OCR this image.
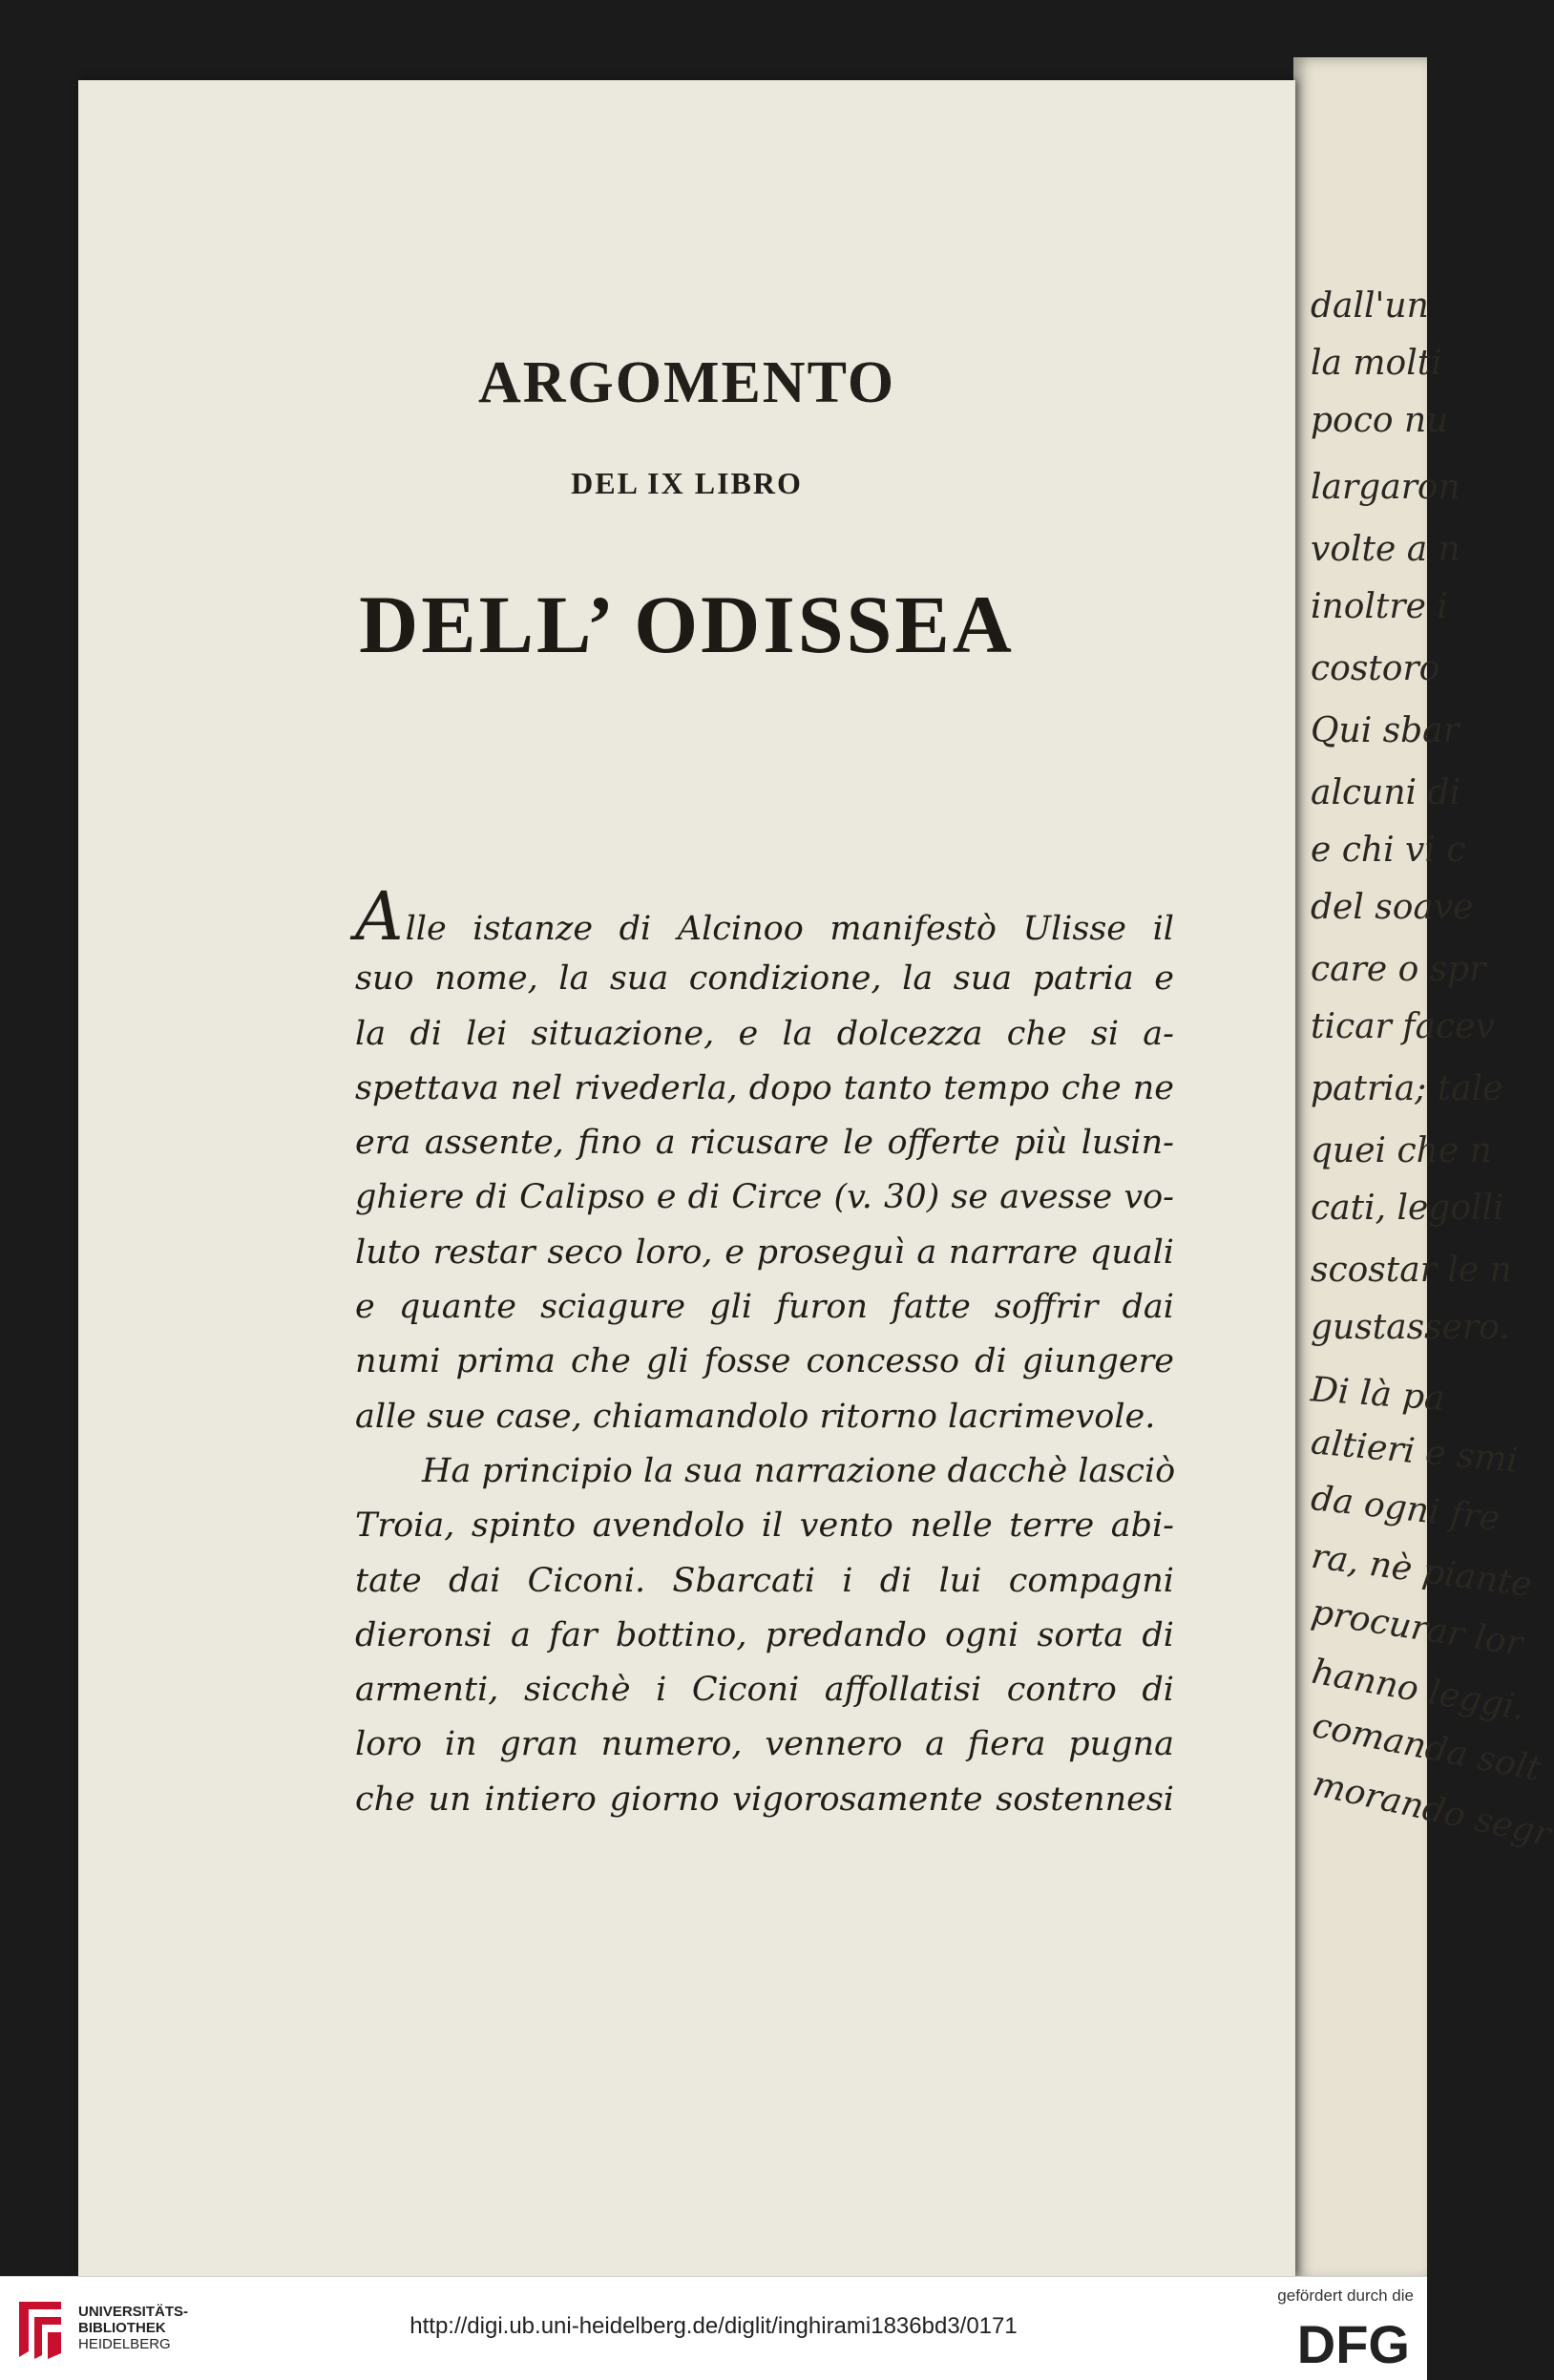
dall'un
la molti
poco nu
largaron
volte a n
inoltre i
costoro
Qui sbar
alcuni di
e chi vi c
del soave
care o spr
ticar facev
patria; tale
quei che n
cati, legolli
scostar le n
gustassero.
Di là pa
altieri e smi
da ogni fre
ra, nè piante
procurar lor
hanno leggi.
comanda solt
morando segr
ARGOMENTO
DEL IX LIBRO
DELL’ ODISSEA
Alle istanze di Alcinoo manifestò Ulisse il
suo nome, la sua condizione, la sua patria e
la di lei situazione, e la dolcezza che si a-
spettava nel rivederla, dopo tanto tempo che ne
era assente, fino a ricusare le offerte più lusin-
ghiere di Calipso e di Circe (v. 30) se avesse vo-
luto restar seco loro, e proseguì a narrare quali
e quante sciagure gli furon fatte soffrir dai
numi prima che gli fosse concesso di giungere
alle sue case, chiamandolo ritorno lacrimevole.
Ha principio la sua narrazione dacchè lasciò
Troia, spinto avendolo il vento nelle terre abi-
tate dai Ciconi. Sbarcati i di lui compagni
dieronsi a far bottino, predando ogni sorta di
armenti, sicchè i Ciconi affollatisi contro di
loro in gran numero, vennero a fiera pugna
che un intiero giorno vigorosamente sostennesi
UNIVERSITÄTS-
BIBLIOTHEK
HEIDELBERG
http://digi.ub.uni-heidelberg.de/diglit/inghirami1836bd3/0171
gefördert durch die
DFG
